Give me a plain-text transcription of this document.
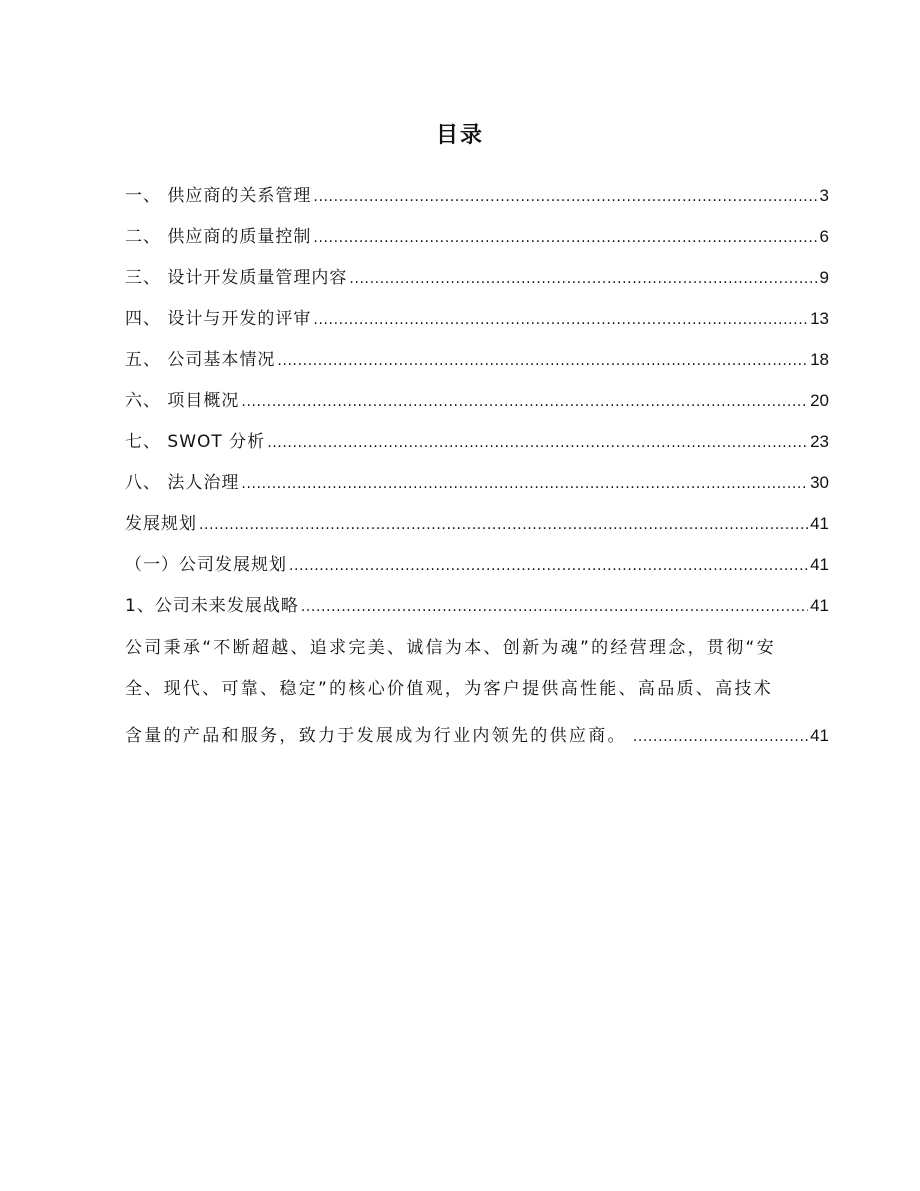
目录
一、 供应商的关系管理 .....	3
二、 供应商的质量控制 .....	6
三、 设计开发质量管理内容 .....	9
四、 设计与开发的评审 .....	13
五、 公司基本情况 .....	18
六、 项目概况 .....	20
七、 SWOT 分析 .....	23
八、 法人治理 .....	30
发展规划 .....	41
（一）公司发展规划 .....	41
1、公司未来发展战略 .....	41
公司秉承“不断超越、追求完美、诚信为本、创新为魂”的经营理念，贯彻“安
全、现代、可靠、稳定”的核心价值观，为客户提供高性能、高品质、高技术
含量的产品和服务，致力于发展成为行业内领先的供应商。 .....	41
